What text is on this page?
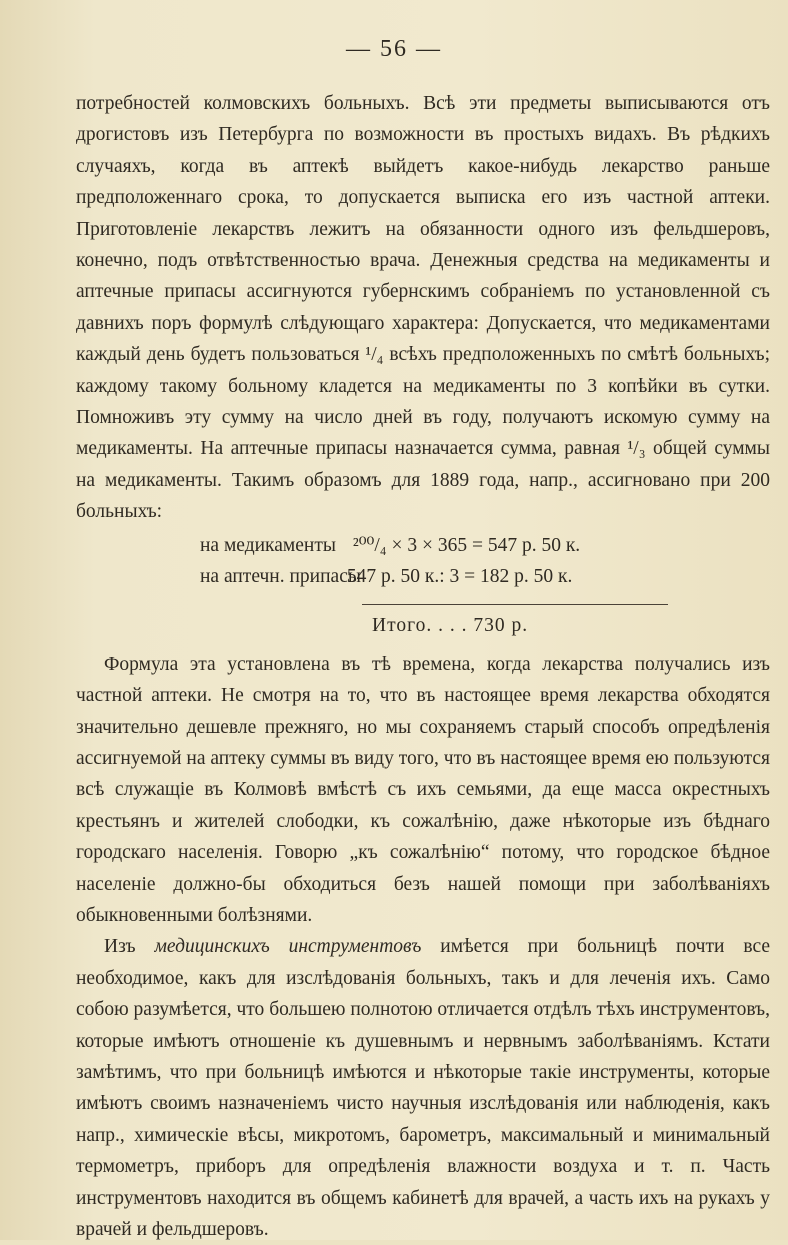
— 56 —

потребностей колмовскихъ больныхъ. Всѣ эти предметы выписываются отъ дрогистовъ изъ Петербурга по возможности въ простыхъ видахъ. Въ рѣдкихъ случаяхъ, когда въ аптекѣ выйдетъ какое-нибудь лекарство раньше предположеннаго срока, то допускается выписка его изъ частной аптеки. Приготовленіе лекарствъ лежитъ на обязанности одного изъ фельдшеровъ, конечно, подъ отвѣтственностью врача. Денежныя средства на медикаменты и аптечные припасы ассигнуются губернскимъ собраніемъ по установленной съ давнихъ поръ формулѣ слѣдующаго характера: Допускается, что медикаментами каждый день будетъ пользоваться ¹/₄ всѣхъ предположенныхъ по смѣтѣ больныхъ; каждому такому больному кладется на медикаменты по 3 копѣйки въ сутки. Помноживъ эту сумму на число дней въ году, получаютъ искомую сумму на медикаменты. На аптечные припасы назначается сумма, равная ¹/₃ общей суммы на медикаменты. Такимъ образомъ для 1889 года, напр., ассигновано при 200 больныхъ:

на медикаменты ²⁰⁰/₄ × 3 × 365 = 547 р. 50 к.
на аптечн. припасы 547 р. 50 к.: 3 = 182 р. 50 к.
Итого. . . . 730 р.

Формула эта установлена въ тѣ времена, когда лекарства получались изъ частной аптеки. Не смотря на то, что въ настоящее время лекарства обходятся значительно дешевле прежняго, но мы сохраняемъ старый способъ опредѣленія ассигнуемой на аптеку суммы въ виду того, что въ настоящее время ею пользуются всѣ служащіе въ Колмовѣ вмѣстѣ съ ихъ семьями, да еще масса окрестныхъ крестьянъ и жителей слободки, къ сожалѣнію, даже нѣкоторые изъ бѣднаго городскаго населенія. Говорю „къ сожалѣнію“ потому, что городское бѣдное населеніе должно-бы обходиться безъ нашей помощи при заболѣваніяхъ обыкновенными болѣзнями.

Изъ медицинскихъ инструментовъ имѣется при больницѣ почти все необходимое, какъ для изслѣдованія больныхъ, такъ и для леченія ихъ. Само собою разумѣется, что большею полнотою отличается отдѣлъ тѣхъ инструментовъ, которые имѣютъ отношеніе къ душевнымъ и нервнымъ заболѣваніямъ. Кстати замѣтимъ, что при больницѣ имѣются и нѣкоторые такіе инструменты, которые имѣютъ своимъ назначеніемъ чисто научныя изслѣдованія или наблюденія, какъ напр., химическіе вѣсы, микротомъ, барометръ, максимальный и минимальный термометръ, приборъ для опредѣленія влажности воздуха и т. п. Часть инструментовъ находится въ общемъ кабинетѣ для врачей, а часть ихъ на рукахъ у врачей и фельдшеровъ.
